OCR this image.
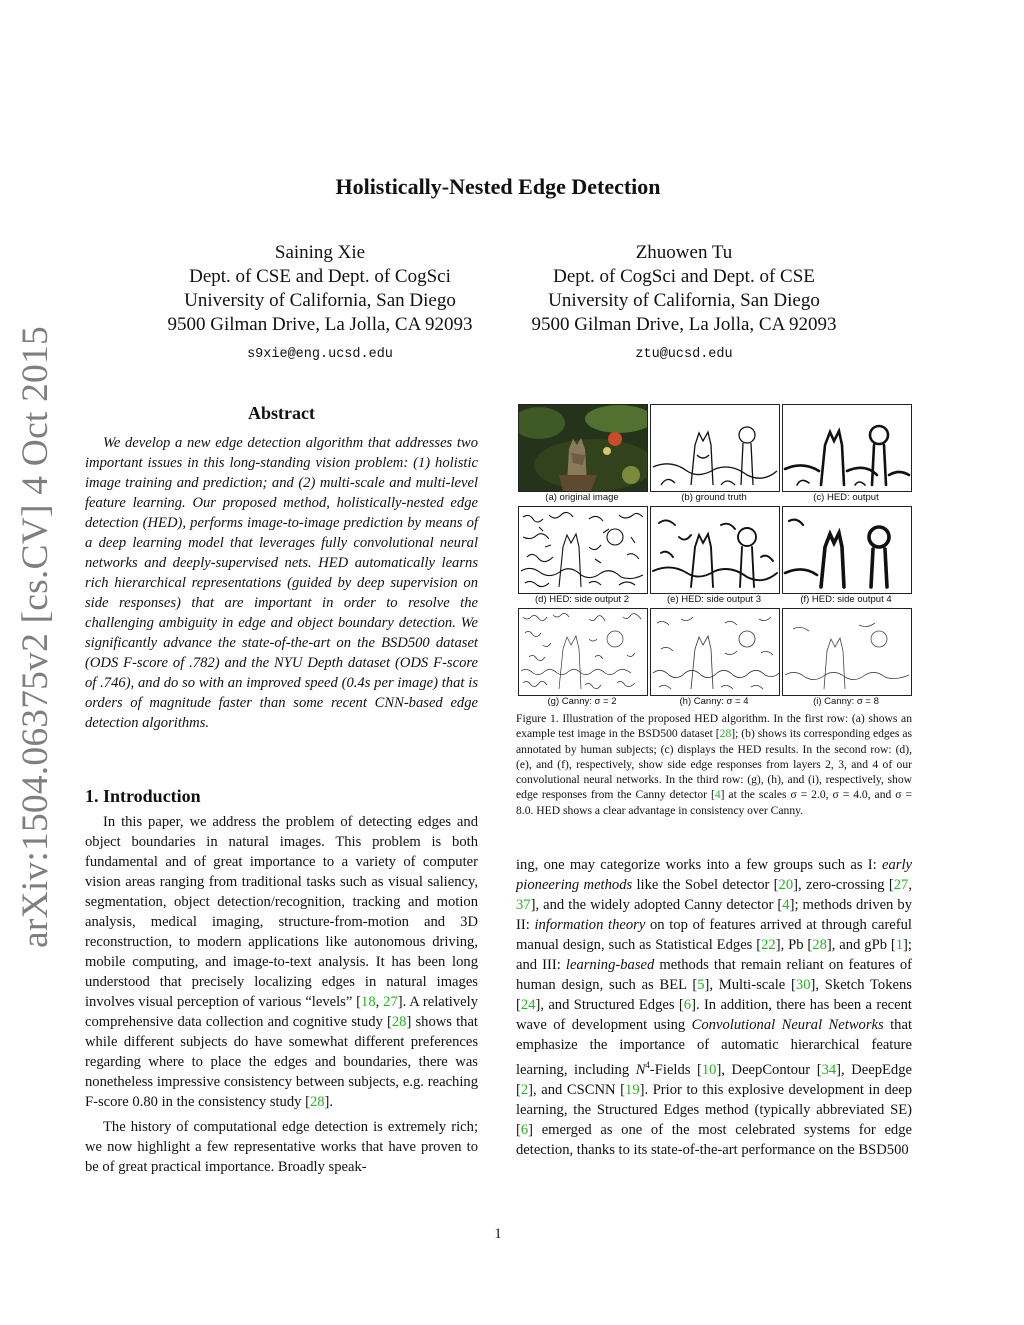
arXiv:1504.06375v2 [cs.CV] 4 Oct 2015
Holistically-Nested Edge Detection
Saining Xie
Dept. of CSE and Dept. of CogSci
University of California, San Diego
9500 Gilman Drive, La Jolla, CA 92093
s9xie@eng.ucsd.edu
Zhuowen Tu
Dept. of CogSci and Dept. of CSE
University of California, San Diego
9500 Gilman Drive, La Jolla, CA 92093
ztu@ucsd.edu
Abstract
We develop a new edge detection algorithm that addresses two important issues in this long-standing vision problem: (1) holistic image training and prediction; and (2) multi-scale and multi-level feature learning. Our proposed method, holistically-nested edge detection (HED), performs image-to-image prediction by means of a deep learning model that leverages fully convolutional neural networks and deeply-supervised nets. HED automatically learns rich hierarchical representations (guided by deep supervision on side responses) that are important in order to resolve the challenging ambiguity in edge and object boundary detection. We significantly advance the state-of-the-art on the BSD500 dataset (ODS F-score of .782) and the NYU Depth dataset (ODS F-score of .746), and do so with an improved speed (0.4s per image) that is orders of magnitude faster than some recent CNN-based edge detection algorithms.
1. Introduction

In this paper, we address the problem of detecting edges and object boundaries in natural images. This problem is both fundamental and of great importance to a variety of computer vision areas ranging from traditional tasks such as visual saliency, segmentation, object detection/recognition, tracking and motion analysis, medical imaging, structure-from-motion and 3D reconstruction, to modern applications like autonomous driving, mobile computing, and image-to-text analysis. It has been long understood that precisely localizing edges in natural images involves visual perception of various “levels” [18, 27]. A relatively comprehensive data collection and cognitive study [28] shows that while different subjects do have somewhat different preferences regarding where to place the edges and boundaries, there was nonetheless impressive consistency between subjects, e.g. reaching F-score 0.80 in the consistency study [28].

The history of computational edge detection is extremely rich; we now highlight a few representative works that have proven to be of great practical importance. Broadly speak-

(a) original image	(b) ground truth	(c) HED: output
(d) HED: side output 2	(e) HED: side output 3	(f) HED: side output 4
(g) Canny: σ = 2	(h) Canny: σ = 4	(i) Canny: σ = 8
Figure 1. Illustration of the proposed HED algorithm. In the first row: (a) shows an example test image in the BSD500 dataset [28]; (b) shows its corresponding edges as annotated by human subjects; (c) displays the HED results. In the second row: (d), (e), and (f), respectively, show side edge responses from layers 2, 3, and 4 of our convolutional neural networks. In the third row: (g), (h), and (i), respectively, show edge responses from the Canny detector [4] at the scales σ = 2.0, σ = 4.0, and σ = 8.0. HED shows a clear advantage in consistency over Canny.

ing, one may categorize works into a few groups such as I: early pioneering methods like the Sobel detector [20], zero-crossing [27, 37], and the widely adopted Canny detector [4]; methods driven by II: information theory on top of features arrived at through careful manual design, such as Statistical Edges [22], Pb [28], and gPb [1]; and III: learning-based methods that remain reliant on features of human design, such as BEL [5], Multi-scale [30], Sketch Tokens [24], and Structured Edges [6]. In addition, there has been a recent wave of development using Convolutional Neural Networks that emphasize the importance of automatic hierarchical feature learning, including $N^4$-Fields [10], DeepContour [34], DeepEdge [2], and CSCNN [19]. Prior to this explosive development in deep learning, the Structured Edges method (typically abbreviated SE) [6] emerged as one of the most celebrated systems for edge detection, thanks to its state-of-the-art performance on the BSD500

1
